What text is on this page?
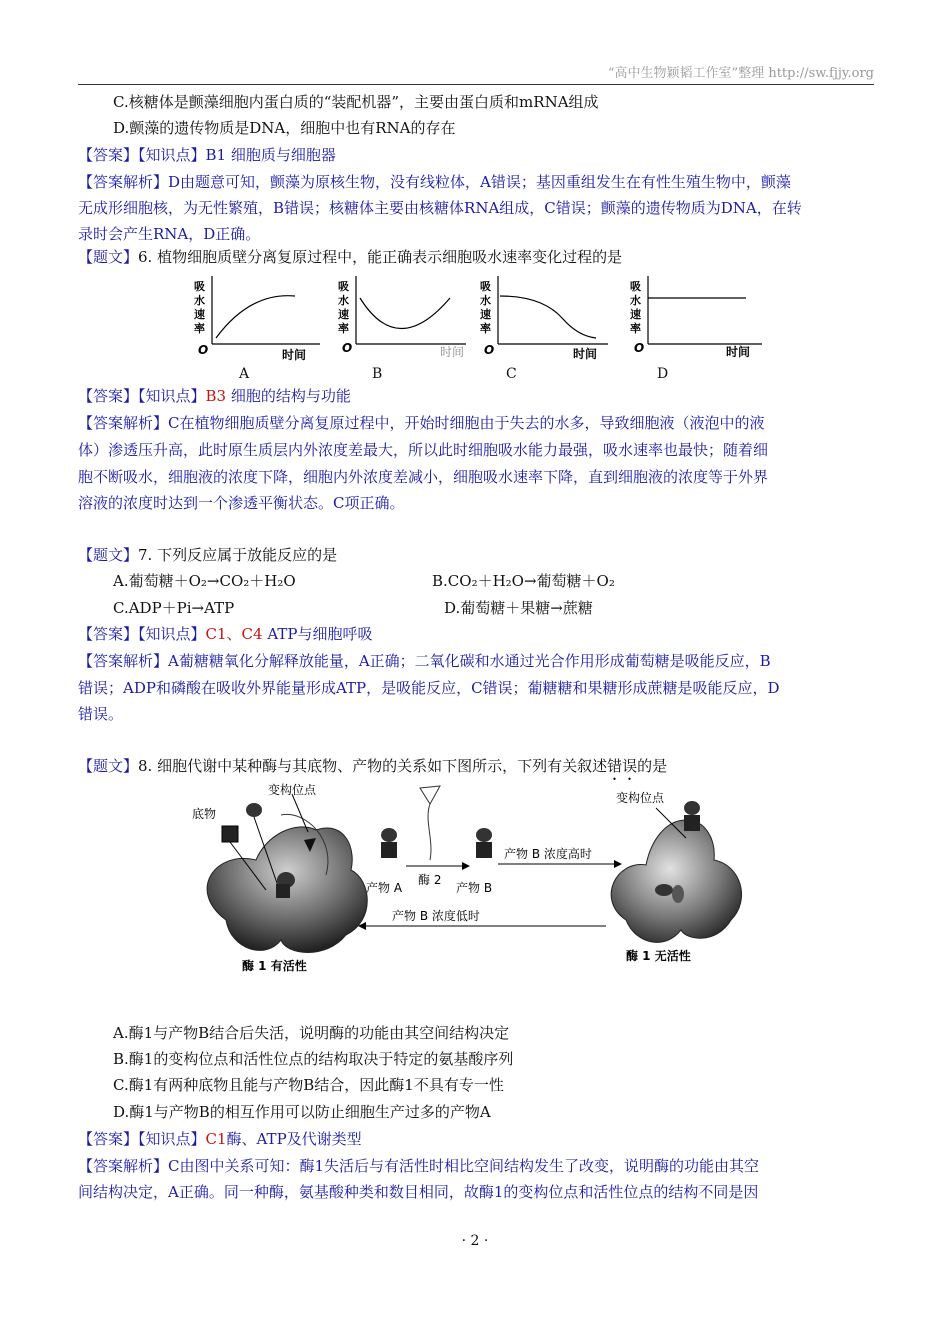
“高中生物颖韬工作室”整理 http://sw.fjjy.org
C.核糖体是颤藻细胞内蛋白质的“装配机器”，主要由蛋白质和mRNA组成
D.颤藻的遗传物质是DNA，细胞中也有RNA的存在
【答案】【知识点】B1 细胞质与细胞器
【答案解析】D由题意可知，颤藻为原核生物，没有线粒体，A错误；基因重组发生在有性生殖生物中，颤藻
无成形细胞核，为无性繁殖，B错误；核糖体主要由核糖体RNA组成，C错误；颤藻的遗传物质为DNA，在转
录时会产生RNA，D正确。
【题文】6. 植物细胞质壁分离复原过程中，能正确表示细胞吸水速率变化过程的是
吸
水
速
率
O	时间
吸
水
速
率
O	时间
吸
水
速
率
O	时间
吸
水
速
率
O	时间
A	B	C	D
【答案】【知识点】B3 细胞的结构与功能
【答案解析】C在植物细胞质壁分离复原过程中，开始时细胞由于失去的水多，导致细胞液（液泡中的液
体）渗透压升高，此时原生质层内外浓度差最大，所以此时细胞吸水能力最强，吸水速率也最快；随着细
胞不断吸水，细胞液的浓度下降，细胞内外浓度差减小，细胞吸水速率下降，直到细胞液的浓度等于外界
溶液的浓度时达到一个渗透平衡状态。C项正确。
【题文】7. 下列反应属于放能反应的是
A.葡萄糖＋O₂→CO₂＋H₂O	B.CO₂＋H₂O→葡萄糖＋O₂
C.ADP＋Pi→ATP	D.葡萄糖＋果糖→蔗糖
【答案】【知识点】C1、C4 ATP与细胞呼吸
【答案解析】A葡糖糖氧化分解释放能量，A正确；二氧化碳和水通过光合作用形成葡萄糖是吸能反应，B
错误；ADP和磷酸在吸收外界能量形成ATP，是吸能反应，C错误；葡糖糖和果糖形成蔗糖是吸能反应，D
错误。
【题文】8. 细胞代谢中某种酶与其底物、产物的关系如下图所示，下列有关叙述错误的是
底物
变构位点
产物 A
酶 2
产物 B
产物 B 浓度高时
产物 B 浓度低时
变构位点
酶 1 有活性
酶 1 无活性
A.酶1与产物B结合后失活，说明酶的功能由其空间结构决定
B.酶1的变构位点和活性位点的结构取决于特定的氨基酸序列
C.酶1有两种底物且能与产物B结合，因此酶1不具有专一性
D.酶1与产物B的相互作用可以防止细胞生产过多的产物A
【答案】【知识点】C1酶、ATP及代谢类型
【答案解析】C由图中关系可知：酶1失活后与有活性时相比空间结构发生了改变，说明酶的功能由其空
间结构决定，A正确。同一种酶，氨基酸种类和数目相同，故酶1的变构位点和活性位点的结构不同是因
· 2 ·
